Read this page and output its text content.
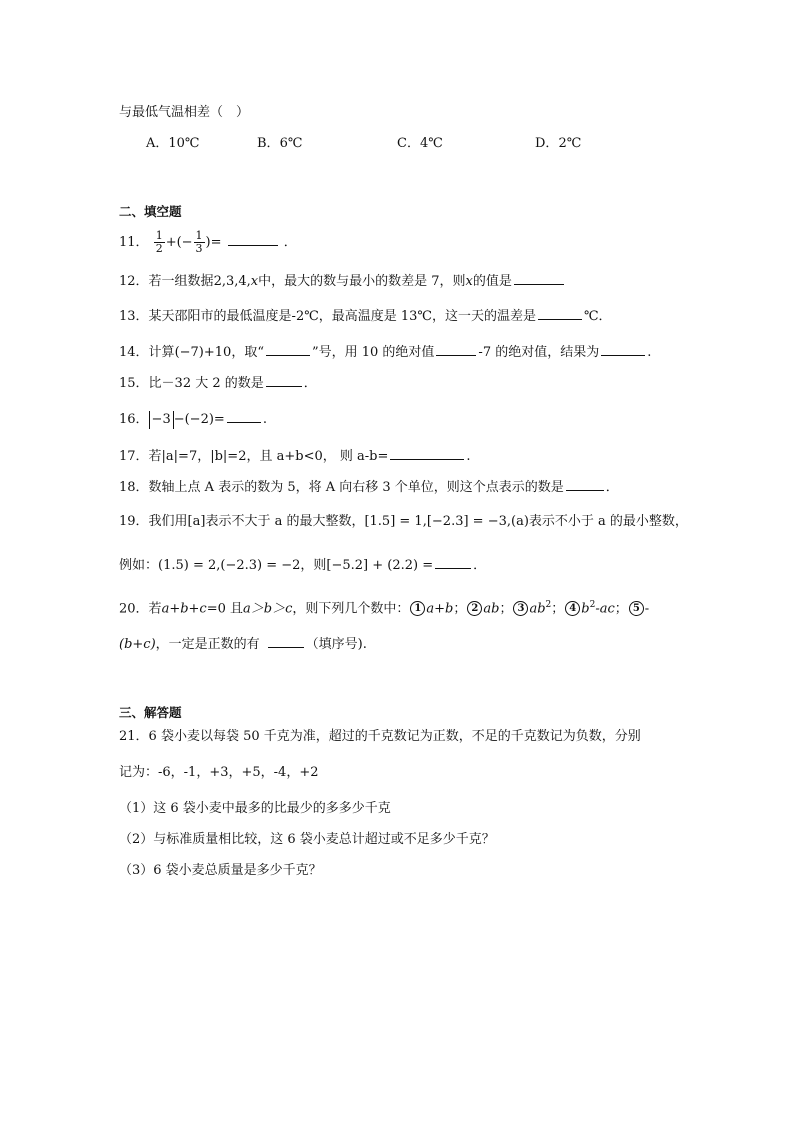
与最低气温相差（　）
A．10℃	B．6℃	C．4℃	D．2℃
二、填空题
11． $\frac{1}{2}$ +(− $\frac{1}{3}$ )=	．
12．若一组数据2,3,4,x中，最大的数与最小的数差是 7，则x的值是
13．某天邵阳市的最低温度是-2℃，最高温度是 13℃，这一天的温差是	℃．
14．计算(−7)+10，取“	”号，用 10 的绝对值	-7 的绝对值，结果为	.
15．比－32 大 2 的数是	．
16． −3 −(−2)=	.
17．若|a|=7，|b|=2，且 a+b<0， 则 a-b=	.
18．数轴上点 A 表示的数为 5，将 A 向右移 3 个单位，则这个点表示的数是	．
19．我们用[a]表示不大于 a 的最大整数，[1.5] = 1,[−2.3] = −3,(a)表示不小于 a 的最小整数，
例如：(1.5) = 2,(−2.3) = −2，则[−5.2] + (2.2) =	．
20．若a+b+c=0 且a＞b＞c，则下列几个数中： 1 a+b； 2 ab； 3 $ab^2$； 4 $b^2-ac$； 5 -
(b+c)，一定是正数的有	（填序号).
三、解答题
21．6 袋小麦以每袋 50 千克为准，超过的千克数记为正数，不足的千克数记为负数，分别
记为：-6，-1，+3，+5，-4，+2
（1）这 6 袋小麦中最多的比最少的多多少千克
（2）与标准质量相比较，这 6 袋小麦总计超过或不足多少千克？
（3）6 袋小麦总质量是多少千克？
